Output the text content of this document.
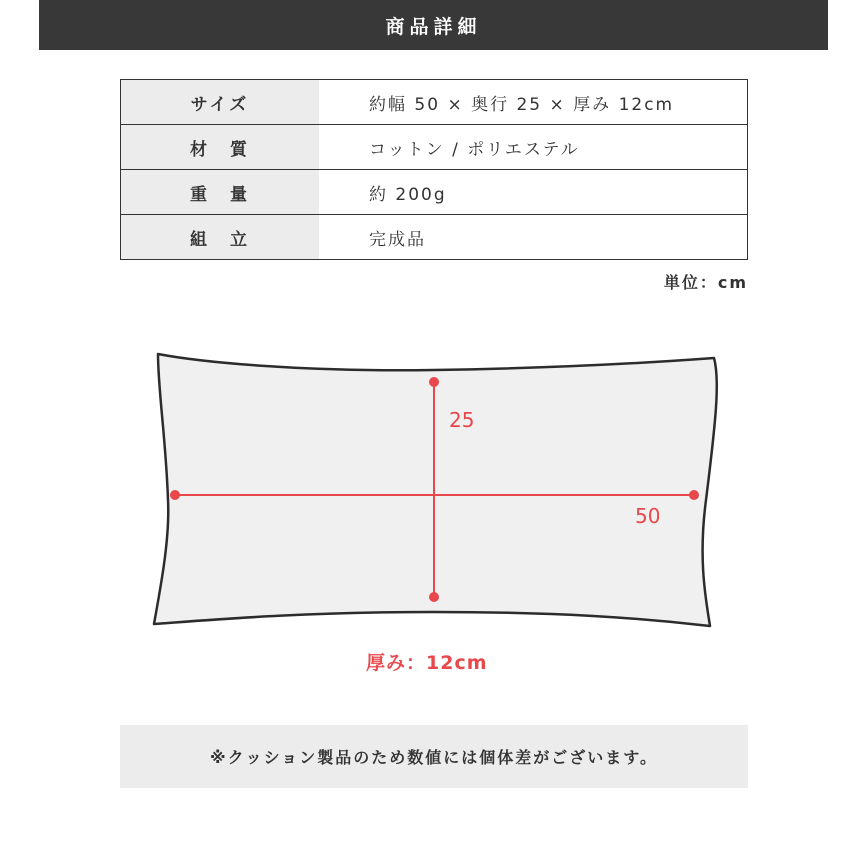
商品詳細
サイズ	約幅 50 × 奥行 25 × 厚み 12cm
材　質	コットン / ポリエステル
重　量	約 200g
組　立	完成品
単位：cm
25
50
厚み：12cm
※クッション製品のため数値には個体差がございます。
